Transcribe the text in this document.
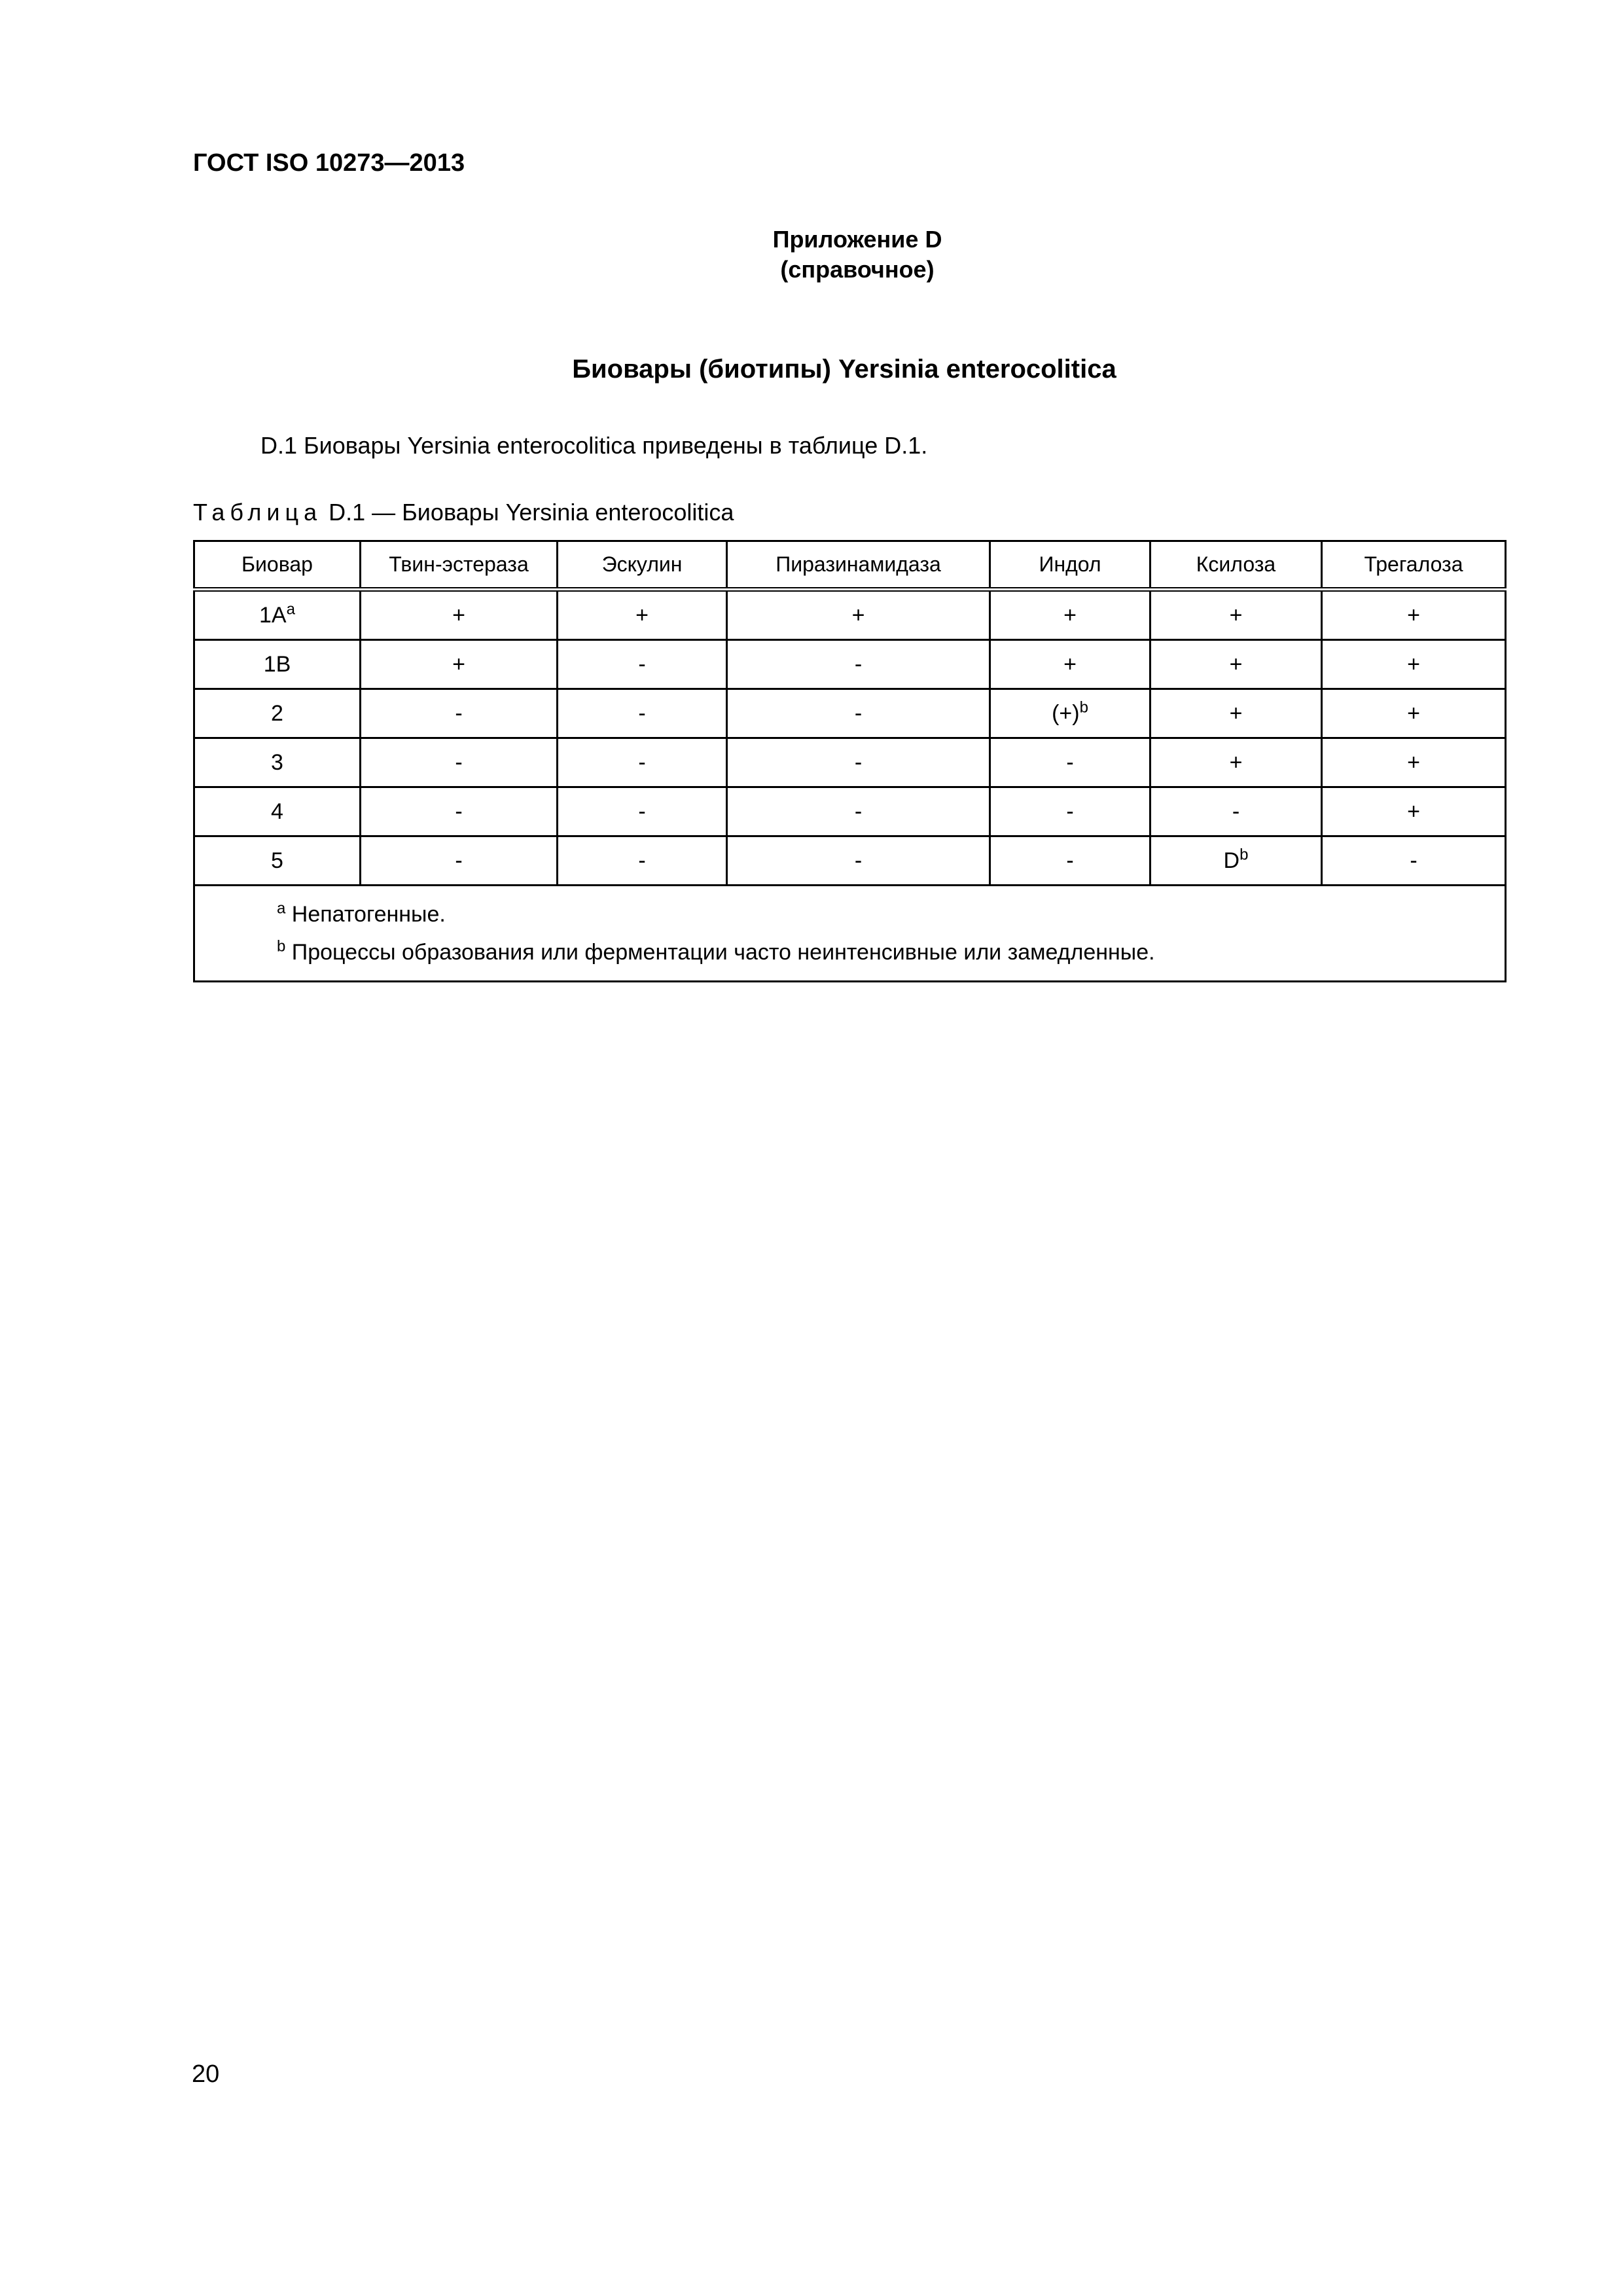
ГОСТ ISO 10273—2013
Приложение D
(справочное)
Биовары (биотипы) Yersinia enterocolitica
D.1 Биовары Yersinia enterocolitica приведены в таблице D.1.
Таблица D.1 — Биовары Yersinia enterocolitica
Биовар	Твин-эстераза	Эскулин	Пиразинамидаза	Индол	Ксилоза	Трегалоза
$1A^a$	+	+	+	+	+	+
1B	+	-	-	+	+	+
2	-	-	-	$(+)^b$	+	+
3	-	-	-	-	+	+
4	-	-	-	-	-	+
5	-	-	-	-	$D^b$	-

$^a$ Непатогенные.
$^b$ Процессы образования или ферментации часто неинтенсивные или замедленные.						
20
